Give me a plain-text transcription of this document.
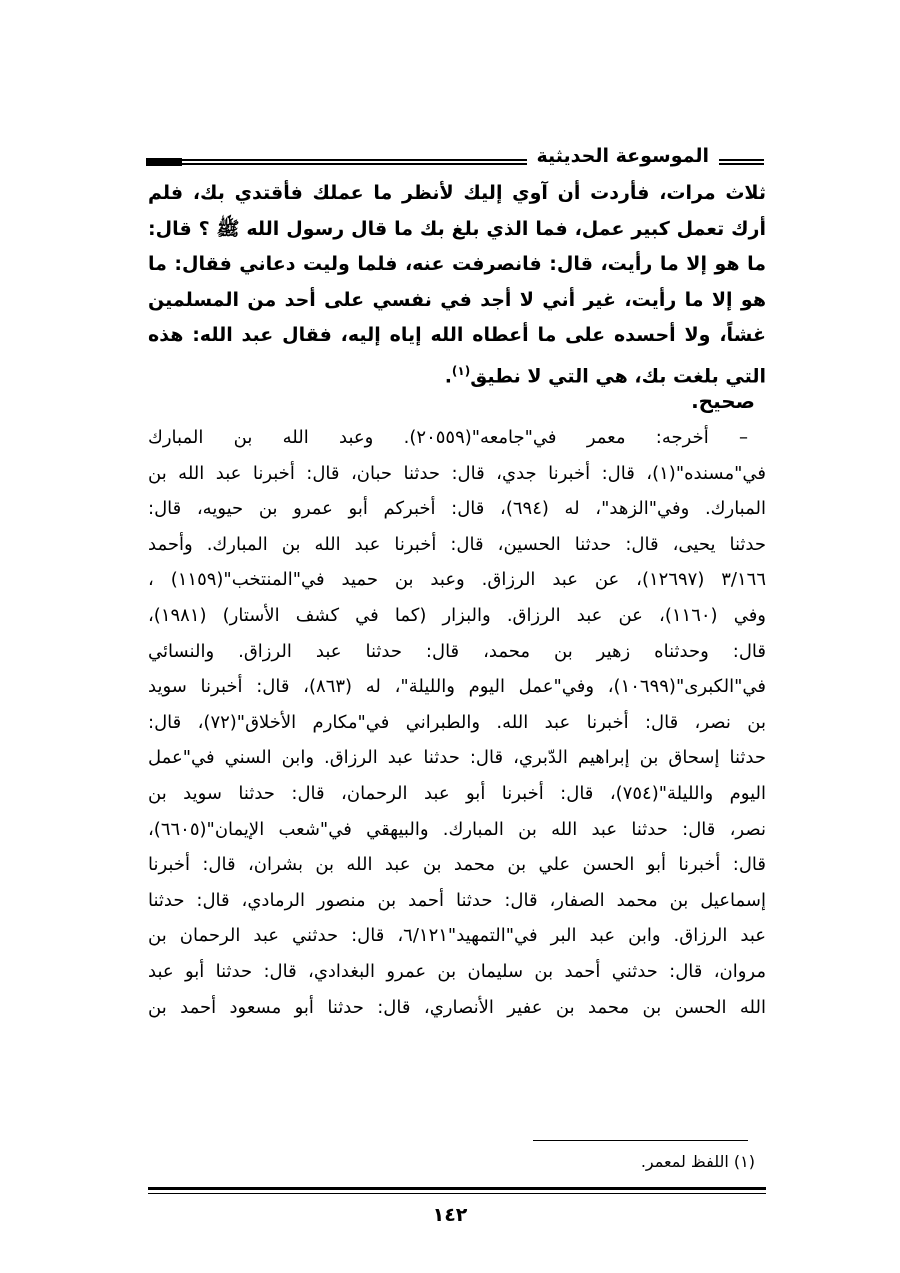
الموسوعة الحديثية
ثلاث مرات، فأردت أن آوي إليك لأنظر ما عملك فأقتدي بك، فلم أرك تعمل كبير عمل، فما الذي بلغ بك ما قال رسول الله ﷺ ؟ قال: ما هو إلا ما رأيت، قال: فانصرفت عنه، فلما وليت دعاني فقال: ما هو إلا ما رأيت، غير أني لا أجد في نفسي على أحد من المسلمين غشاً، ولا أحسده على ما أعطاه الله إياه إليه، فقال عبد الله: هذه التي بلغت بك، هي التي لا نطيق$^{(١)}$.
صحيح.
– أخرجه: معمر في"جامعه"(٢٠٥٥٩). وعبد الله بن المبارك
في"مسنده"(١)، قال: أخبرنا جدي، قال: حدثنا حبان، قال: أخبرنا عبد الله بن
المبارك. وفي"الزهد"، له (٦٩٤)، قال: أخبركم أبو عمرو بن حيويه، قال:
حدثنا يحيى، قال: حدثنا الحسين، قال: أخبرنا عبد الله بن المبارك. وأحمد
٣/١٦٦ (١٢٦٩٧)، عن عبد الرزاق. وعبد بن حميد في"المنتخب"(١١٥٩) ،
وفي (١١٦٠)، عن عبد الرزاق. والبزار (كما في كشف الأستار) (١٩٨١)،
قال: وحدثناه زهير بن محمد، قال: حدثنا عبد الرزاق. والنسائي
في"الكبرى"(١٠٦٩٩)، وفي"عمل اليوم والليلة"، له (٨٦٣)، قال: أخبرنا سويد
بن نصر، قال: أخبرنا عبد الله. والطبراني في"مكارم الأخلاق"(٧٢)، قال:
حدثنا إسحاق بن إبراهيم الدّبري، قال: حدثنا عبد الرزاق. وابن السني في"عمل
اليوم والليلة"(٧٥٤)، قال: أخبرنا أبو عبد الرحمان، قال: حدثنا سويد بن
نصر، قال: حدثنا عبد الله بن المبارك. والبيهقي في"شعب الإيمان"(٦٦٠٥)،
قال: أخبرنا أبو الحسن علي بن محمد بن عبد الله بن بشران، قال: أخبرنا
إسماعيل بن محمد الصفار، قال: حدثنا أحمد بن منصور الرمادي، قال: حدثنا
عبد الرزاق. وابن عبد البر في"التمهيد"٦/١٢١، قال: حدثني عبد الرحمان بن
مروان، قال: حدثني أحمد بن سليمان بن عمرو البغدادي، قال: حدثنا أبو عبد
الله الحسن بن محمد بن عفير الأنصاري، قال: حدثنا أبو مسعود أحمد بن
(١) اللفظ لمعمر.
١٤٢
